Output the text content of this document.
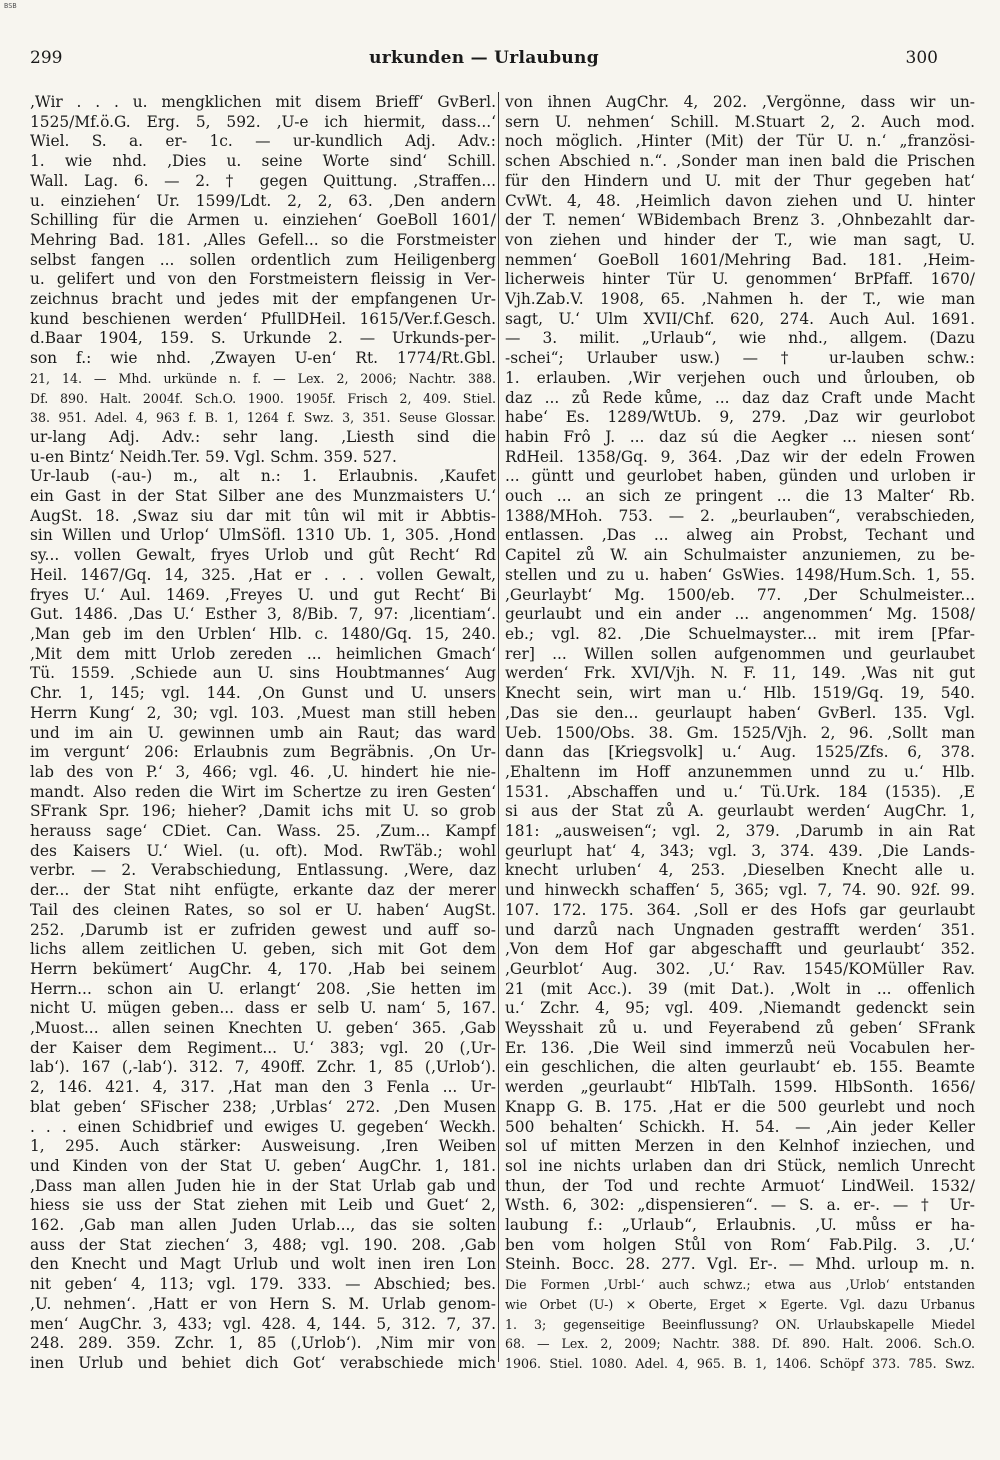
BSB
299	urkunden — Urlaubung	300
‚Wir . . . u. mengklichen mit disem Brieff‘ GvBerl.
1525/Mf.ö.G. Erg. 5, 592. ‚U-e ich hiermit, dass...‘
Wiel. S. a. er- 1c. — ur-kundlich Adj. Adv.:
1. wie nhd. ‚Dies u. seine Worte sind‘ Schill.
Wall. Lag. 6. — 2. † gegen Quittung. ‚Straffen...
u. einziehen‘ Ur. 1599/Ldt. 2, 2, 63. ‚Den andern
Schilling für die Armen u. einziehen‘ GoeBoll 1601/
Mehring Bad. 181. ‚Alles Gefell... so die Forstmeister
selbst fangen ... sollen ordentlich zum Heiligenberg
u. gelifert und von den Forstmeistern fleissig in Ver-
zeichnus bracht und jedes mit der empfangenen Ur-
kund beschienen werden‘ PfullDHeil. 1615/Ver.f.Gesch.
d.Baar 1904, 159. S. Urkunde 2. — Urkunds-per-
son f.: wie nhd. ‚Zwayen U-en‘ Rt. 1774/Rt.Gbl.
21, 14. — Mhd. urkünde n. f. — Lex. 2, 2006; Nachtr. 388.
Df. 890. Halt. 2004f. Sch.O. 1900. 1905f. Frisch 2, 409. Stiel.
38. 951. Adel. 4, 963 f. B. 1, 1264 f. Swz. 3, 351. Seuse Glossar.
ur-lang Adj. Adv.: sehr lang. ‚Liesth sind die
u-en Bintz‘ Neidh.Ter. 59. Vgl. Schm. 359. 527.
Ur-laub (-au-) m., alt n.: 1. Erlaubnis. ‚Kaufet
ein Gast in der Stat Silber ane des Munzmaisters U.‘
AugSt. 18. ‚Swaz siu dar mit tûn wil mit ir Abbtis-
sin Willen und Urlop‘ UlmSöfl. 1310 Ub. 1, 305. ‚Hond
sy... vollen Gewalt, fryes Urlob und gût Recht‘ Rd
Heil. 1467/Gq. 14, 325. ‚Hat er . . . vollen Gewalt,
fryes U.‘ Aul. 1469. ‚Freyes U. und gut Recht‘ Bi
Gut. 1486. ‚Das U.‘ Esther 3, 8/Bib. 7, 97: ‚licentiam‘.
‚Man geb im den Urblen‘ Hlb. c. 1480/Gq. 15, 240.
‚Mit dem mitt Urlob zereden ... heimlichen Gmach‘
Tü. 1559. ‚Schiede aun U. sins Houbtmannes‘ Aug
Chr. 1, 145; vgl. 144. ‚On Gunst und U. unsers
Herrn Kung‘ 2, 30; vgl. 103. ‚Muest man still heben
und im ain U. gewinnen umb ain Raut; das ward
im vergunt‘ 206: Erlaubnis zum Begräbnis. ‚On Ur-
lab des von P.‘ 3, 466; vgl. 46. ‚U. hindert hie nie-
mandt. Also reden die Wirt im Schertze zu iren Gesten‘
SFrank Spr. 196; hieher? ‚Damit ichs mit U. so grob
herauss sage‘ CDiet. Can. Wass. 25. ‚Zum... Kampf
des Kaisers U.‘ Wiel. (u. oft). Mod. RwTäb.; wohl
verbr. — 2. Verabschiedung, Entlassung. ‚Were, daz
der... der Stat niht enfügte, erkante daz der merer
Tail des cleinen Rates, so sol er U. haben‘ AugSt.
252. ‚Darumb ist er zufriden gewest und auff so-
lichs allem zeitlichen U. geben, sich mit Got dem
Herrn bekümert‘ AugChr. 4, 170. ‚Hab bei seinem
Herrn... schon ain U. erlangt‘ 208. ‚Sie hetten im
nicht U. mügen geben... dass er selb U. nam‘ 5, 167.
‚Muost... allen seinen Knechten U. geben‘ 365. ‚Gab
der Kaiser dem Regiment... U.‘ 383; vgl. 20 (‚Ur-
lab‘). 167 (‚-lab‘). 312. 7, 490ff. Zchr. 1, 85 (‚Urlob‘).
2, 146. 421. 4, 317. ‚Hat man den 3 Fenla ... Ur-
blat geben‘ SFischer 238; ‚Urblas‘ 272. ‚Den Musen
. . . einen Schidbrief und ewiges U. gegeben‘ Weckh.
1, 295. Auch stärker: Ausweisung. ‚Iren Weiben
und Kinden von der Stat U. geben‘ AugChr. 1, 181.
‚Dass man allen Juden hie in der Stat Urlab gab und
hiess sie uss der Stat ziehen mit Leib und Guet‘ 2,
162. ‚Gab man allen Juden Urlab..., das sie solten
auss der Stat ziechen‘ 3, 488; vgl. 190. 208. ‚Gab
den Knecht und Magt Urlub und wolt inen iren Lon
nit geben‘ 4, 113; vgl. 179. 333. — Abschied; bes.
‚U. nehmen‘. ‚Hatt er von Hern S. M. Urlab genom-
men‘ AugChr. 3, 433; vgl. 428. 4, 144. 5, 312. 7, 37.
248. 289. 359. Zchr. 1, 85 (‚Urlob‘). ‚Nim mir von
inen Urlub und behiet dich Got‘ verabschiede mich
von ihnen AugChr. 4, 202. ‚Vergönne, dass wir un-
sern U. nehmen‘ Schill. M.Stuart 2, 2. Auch mod.
noch möglich. ‚Hinter (Mit) der Tür U. n.‘ „französi-
schen Abschied n.“. ‚Sonder man inen bald die Prischen
für den Hindern und U. mit der Thur gegeben hat‘
CvWt. 4, 48. ‚Heimlich davon ziehen und U. hinter
der T. nemen‘ WBidembach Brenz 3. ‚Ohnbezahlt dar-
von ziehen und hinder der T., wie man sagt, U.
nemmen‘ GoeBoll 1601/Mehring Bad. 181. ‚Heim-
licherweis hinter Tür U. genommen‘ BrPfaff. 1670/
Vjh.Zab.V. 1908, 65. ‚Nahmen h. der T., wie man
sagt, U.‘ Ulm XVII/Chf. 620, 274. Auch Aul. 1691.
— 3. milit. „Urlaub“, wie nhd., allgem. (Dazu
-schei“; Urlauber usw.) — † ur-lauben schw.:
1. erlauben. ‚Wir verjehen ouch und ůrlouben, ob
daz ... zů Rede kůme, ... daz daz Craft unde Macht
habe‘ Es. 1289/WtUb. 9, 279. ‚Daz wir geurlobot
habin Frô J. ... daz sú die Aegker ... niesen sont‘
RdHeil. 1358/Gq. 9, 364. ‚Daz wir der edeln Frowen
... güntt und geurlobet haben, günden und urloben ir
ouch ... an sich ze pringent ... die 13 Malter‘ Rb.
1388/MHoh. 753. — 2. „beurlauben“, verabschieden,
entlassen. ‚Das ... alweg ain Probst, Techant und
Capitel zů W. ain Schulmaister anzuniemen, zu be-
stellen und zu u. haben‘ GsWies. 1498/Hum.Sch. 1, 55.
‚Geurlaybt‘ Mg. 1500/eb. 77. ‚Der Schulmeister...
geurlaubt und ein ander ... angenommen‘ Mg. 1508/
eb.; vgl. 82. ‚Die Schuelmayster... mit irem [Pfar-
rer] ... Willen sollen aufgenommen und geurlaubet
werden‘ Frk. XVI/Vjh. N. F. 11, 149. ‚Was nit gut
Knecht sein, wirt man u.‘ Hlb. 1519/Gq. 19, 540.
‚Das sie den... geurlaupt haben‘ GvBerl. 135. Vgl.
Ueb. 1500/Obs. 38. Gm. 1525/Vjh. 2, 96. ‚Sollt man
dann das [Kriegsvolk] u.‘ Aug. 1525/Zfs. 6, 378.
‚Ehaltenn im Hoff anzunemmen unnd zu u.‘ Hlb.
1531. ‚Abschaffen und u.‘ Tü.Urk. 184 (1535). ‚E
si aus der Stat zů A. geurlaubt werden‘ AugChr. 1,
181: „ausweisen“; vgl. 2, 379. ‚Darumb in ain Rat
geurlupt hat‘ 4, 343; vgl. 3, 374. 439. ‚Die Lands-
knecht urluben‘ 4, 253. ‚Dieselben Knecht alle u.
und hinweckh schaffen‘ 5, 365; vgl. 7, 74. 90. 92f. 99.
107. 172. 175. 364. ‚Soll er des Hofs gar geurlaubt
und darzů nach Ungnaden gestrafft werden‘ 351.
‚Von dem Hof gar abgeschafft und geurlaubt‘ 352.
‚Geurblot‘ Aug. 302. ‚U.‘ Rav. 1545/KOMüller Rav.
21 (mit Acc.). 39 (mit Dat.). ‚Wolt in ... offenlich
u.‘ Zchr. 4, 95; vgl. 409. ‚Niemandt gedenckt sein
Weysshait zů u. und Feyerabend zů geben‘ SFrank
Er. 136. ‚Die Weil sind immerzů neü Vocabulen her-
ein geschlichen, die alten geurlaubt‘ eb. 155. Beamte
werden „geurlaubt“ HlbTalh. 1599. HlbSonth. 1656/
Knapp G. B. 175. ‚Hat er die 500 geurlebt und noch
500 behalten‘ Schickh. H. 54. — ‚Ain jeder Keller
sol uf mitten Merzen in den Kelnhof inziechen, und
sol ine nichts urlaben dan dri Stück, nemlich Unrecht
thun, der Tod und rechte Armuot‘ LindWeil. 1532/
Wsth. 6, 302: „dispensieren“. — S. a. er-. — † Ur-
laubung f.: „Urlaub“, Erlaubnis. ‚U. můss er ha-
ben vom holgen Stůl von Rom‘ Fab.Pilg. 3. ‚U.‘
Steinh. Bocc. 28. 277. Vgl. Er-. — Mhd. urloup m. n.
Die Formen ‚Urbl-‘ auch schwz.; etwa aus ‚Urlob‘ entstanden
wie Orbet (U-) × Oberte, Erget × Egerte. Vgl. dazu Urbanus
1. 3; gegenseitige Beeinflussung? ON. Urlaubskapelle Miedel
68. — Lex. 2, 2009; Nachtr. 388. Df. 890. Halt. 2006. Sch.O.
1906. Stiel. 1080. Adel. 4, 965. B. 1, 1406. Schöpf 373. 785. Swz.
